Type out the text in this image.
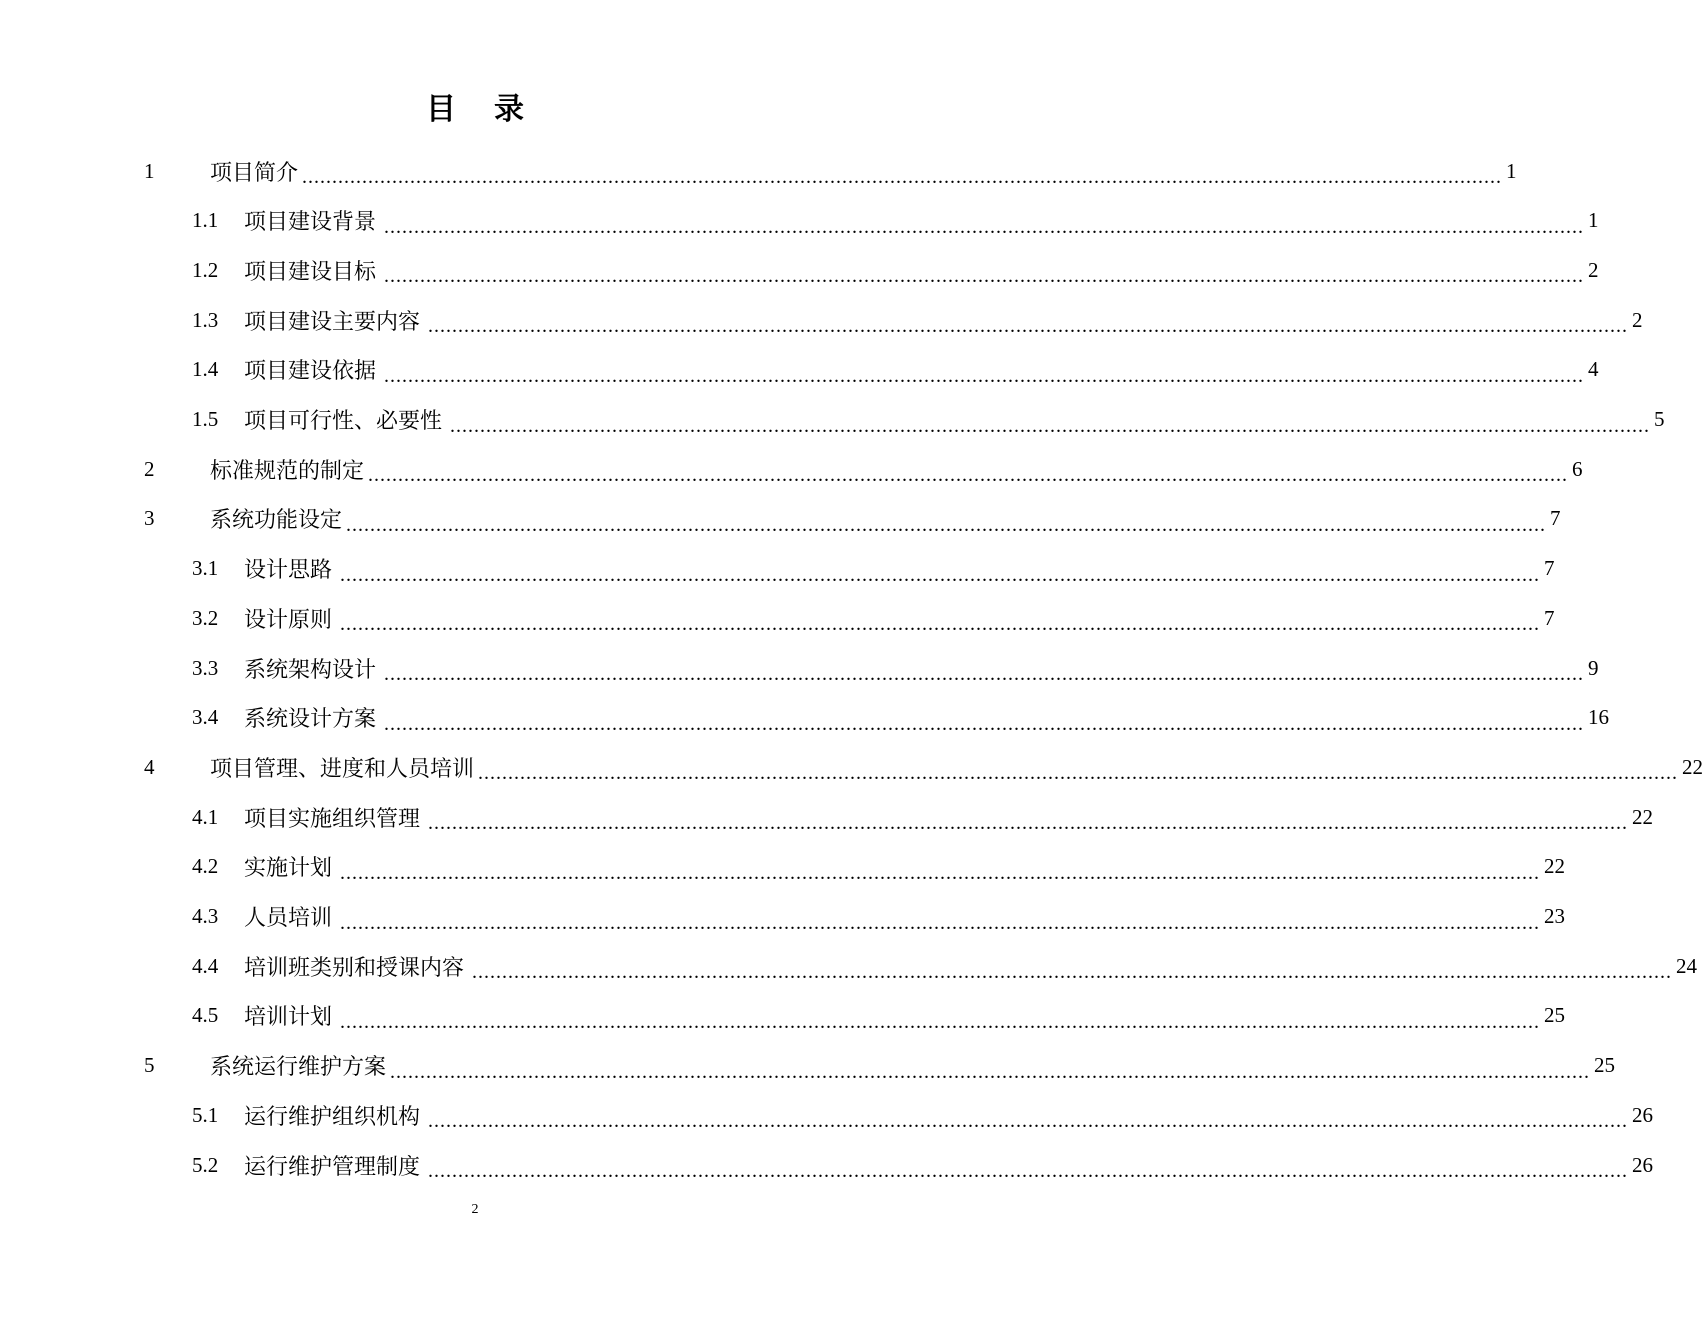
目 录
1	项目简介 ........................................................................................................................................................................................................ 1
1.1	项目建设背景 ........................................................................................................................................................................................................ 1
1.2	项目建设目标 ........................................................................................................................................................................................................ 2
1.3	项目建设主要内容 ........................................................................................................................................................................................................ 2
1.4	项目建设依据 ........................................................................................................................................................................................................ 4
1.5	项目可行性、必要性 ........................................................................................................................................................................................................ 5
2	标准规范的制定 ........................................................................................................................................................................................................ 6
3	系统功能设定 ........................................................................................................................................................................................................ 7
3.1	设计思路 ........................................................................................................................................................................................................ 7
3.2	设计原则 ........................................................................................................................................................................................................ 7
3.3	系统架构设计 ........................................................................................................................................................................................................ 9
3.4	系统设计方案 ........................................................................................................................................................................................................ 16
4	项目管理、进度和人员培训 ........................................................................................................................................................................................................ 22
4.1	项目实施组织管理 ........................................................................................................................................................................................................ 22
4.2	实施计划 ........................................................................................................................................................................................................ 22
4.3	人员培训 ........................................................................................................................................................................................................ 23
4.4	培训班类别和授课内容 ........................................................................................................................................................................................................ 24
4.5	培训计划 ........................................................................................................................................................................................................ 25
5	系统运行维护方案 ........................................................................................................................................................................................................ 25
5.1	运行维护组织机构 ........................................................................................................................................................................................................ 26
5.2	运行维护管理制度 ........................................................................................................................................................................................................ 26
2
